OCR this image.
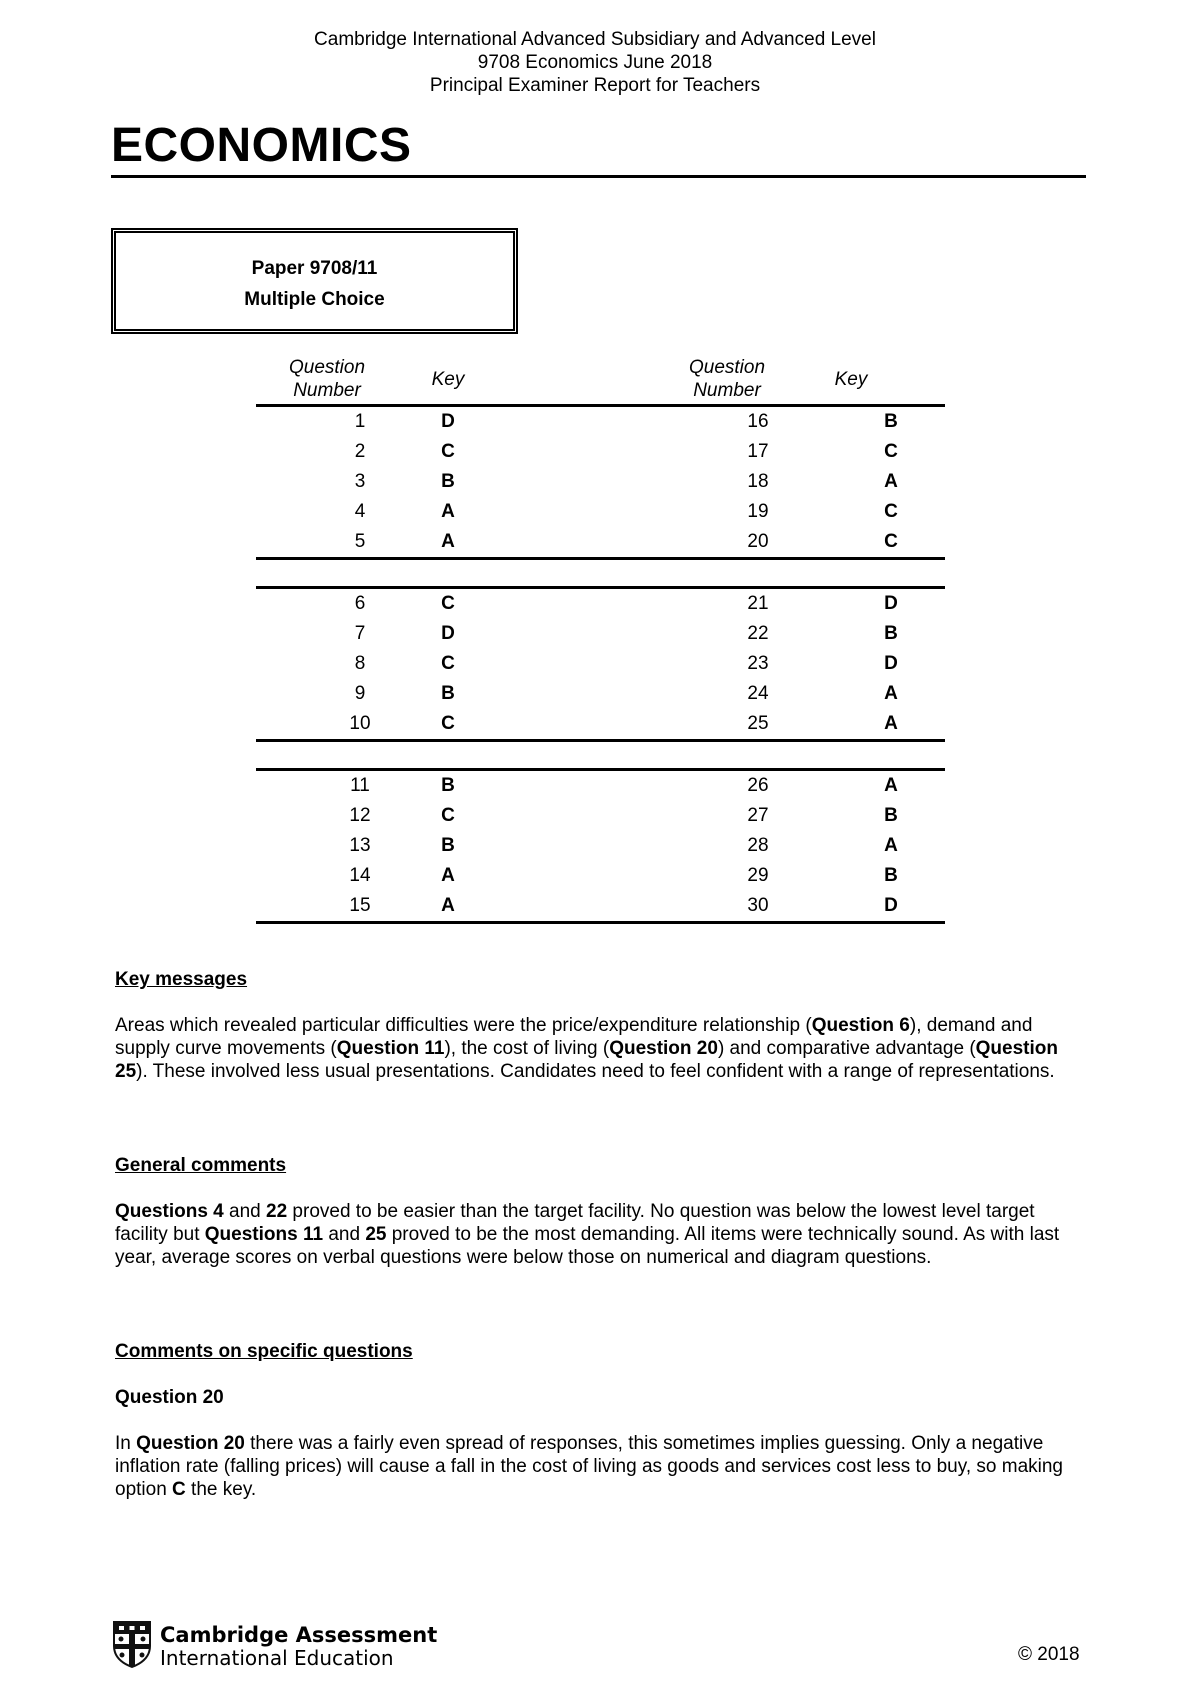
Cambridge International Advanced Subsidiary and Advanced Level
9708 Economics June 2018
Principal Examiner Report for Teachers
ECONOMICS
Paper 9708/11
Multiple Choice
Question
Number
Key
Question
Number
Key
1	D	16	B
2	C	17	C
3	B	18	A
4	A	19	C
5	A	20	C
6	C	21	D
7	D	22	B
8	C	23	D
9	B	24	A
10	C	25	A
11	B	26	A
12	C	27	B
13	B	28	A
14	A	29	B
15	A	30	D
Key messages
Areas which revealed particular difficulties were the price/expenditure relationship (Question 6), demand and supply curve movements (Question 11), the cost of living (Question 20) and comparative advantage (Question 25). These involved less usual presentations. Candidates need to feel confident with a range of representations.
General comments
Questions 4 and 22 proved to be easier than the target facility. No question was below the lowest level target facility but Questions 11 and 25 proved to be the most demanding. All items were technically sound. As with last year, average scores on verbal questions were below those on numerical and diagram questions.
Comments on specific questions
Question 20
In Question 20 there was a fairly even spread of responses, this sometimes implies guessing. Only a negative inflation rate (falling prices) will cause a fall in the cost of living as goods and services cost less to buy, so making option C the key.
Cambridge Assessment
International Education	© 2018
